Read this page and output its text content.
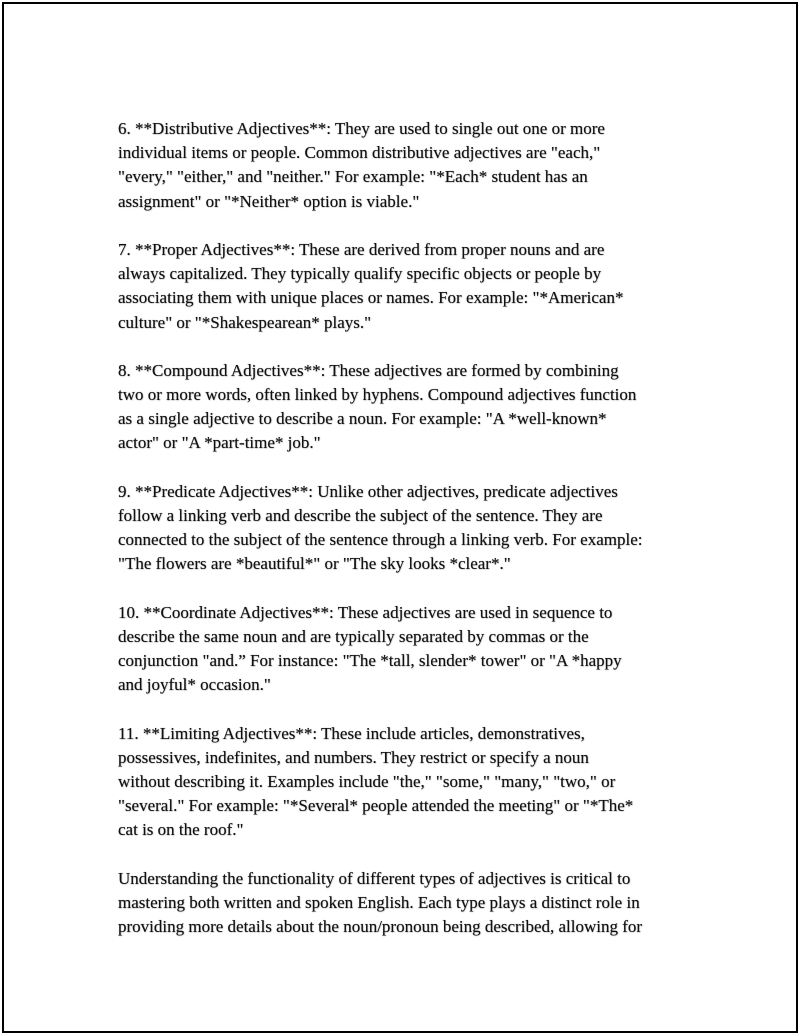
6. **Distributive Adjectives**: They are used to single out one or more
individual items or people. Common distributive adjectives are "each,"
"every," "either," and "neither." For example: "*Each* student has an
assignment" or "*Neither* option is viable."

7. **Proper Adjectives**: These are derived from proper nouns and are
always capitalized. They typically qualify specific objects or people by
associating them with unique places or names. For example: "*American*
culture" or "*Shakespearean* plays."

8. **Compound Adjectives**: These adjectives are formed by combining
two or more words, often linked by hyphens. Compound adjectives function
as a single adjective to describe a noun. For example: "A *well-known*
actor" or "A *part-time* job."

9. **Predicate Adjectives**: Unlike other adjectives, predicate adjectives
follow a linking verb and describe the subject of the sentence. They are
connected to the subject of the sentence through a linking verb. For example:
"The flowers are *beautiful*" or "The sky looks *clear*."

10. **Coordinate Adjectives**: These adjectives are used in sequence to
describe the same noun and are typically separated by commas or the
conjunction "and.” For instance: "The *tall, slender* tower" or "A *happy
and joyful* occasion."

11. **Limiting Adjectives**: These include articles, demonstratives,
possessives, indefinites, and numbers. They restrict or specify a noun
without describing it. Examples include "the," "some," "many," "two," or
"several." For example: "*Several* people attended the meeting" or "*The*
cat is on the roof."

Understanding the functionality of different types of adjectives is critical to
mastering both written and spoken English. Each type plays a distinct role in
providing more details about the noun/pronoun being described, allowing for
